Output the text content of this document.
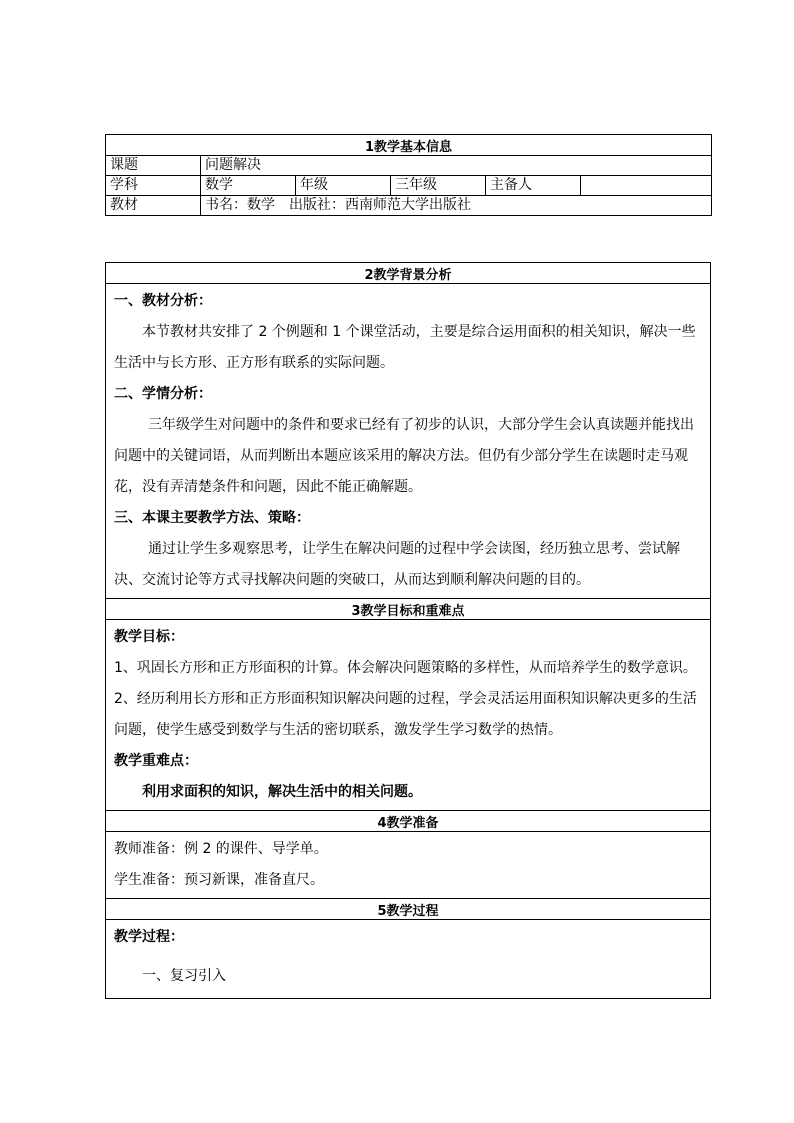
1教学基本信息					
课题	问题解决				
学科	数学	年级	三年级	主备人	
教材	书名：数学　出版社：西南师范大学出版社				
2教学背景分析

一、教材分析：

本节教材共安排了 2 个例题和 1 个课堂活动，主要是综合运用面积的相关知识，解决一些生活中与长方形、正方形有联系的实际问题。

二、学情分析：

三年级学生对问题中的条件和要求已经有了初步的认识，大部分学生会认真读题并能找出问题中的关键词语，从而判断出本题应该采用的解决方法。但仍有少部分学生在读题时走马观花，没有弄清楚条件和问题，因此不能正确解题。

三、本课主要教学方法、策略：

通过让学生多观察思考，让学生在解决问题的过程中学会读图，经历独立思考、尝试解决、交流讨论等方式寻找解决问题的突破口，从而达到顺利解决问题的目的。

3教学目标和重难点

教学目标：

1、巩固长方形和正方形面积的计算。体会解决问题策略的多样性，从而培养学生的数学意识。

2、经历利用长方形和正方形面积知识解决问题的过程，学会灵活运用面积知识解决更多的生活问题，使学生感受到数学与生活的密切联系，激发学生学习数学的热情。

教学重难点：

利用求面积的知识，解决生活中的相关问题。

4教学准备

教师准备：例 2 的课件、导学单。

学生准备：预习新课，准备直尺。

5教学过程

教学过程：

一、复习引入
